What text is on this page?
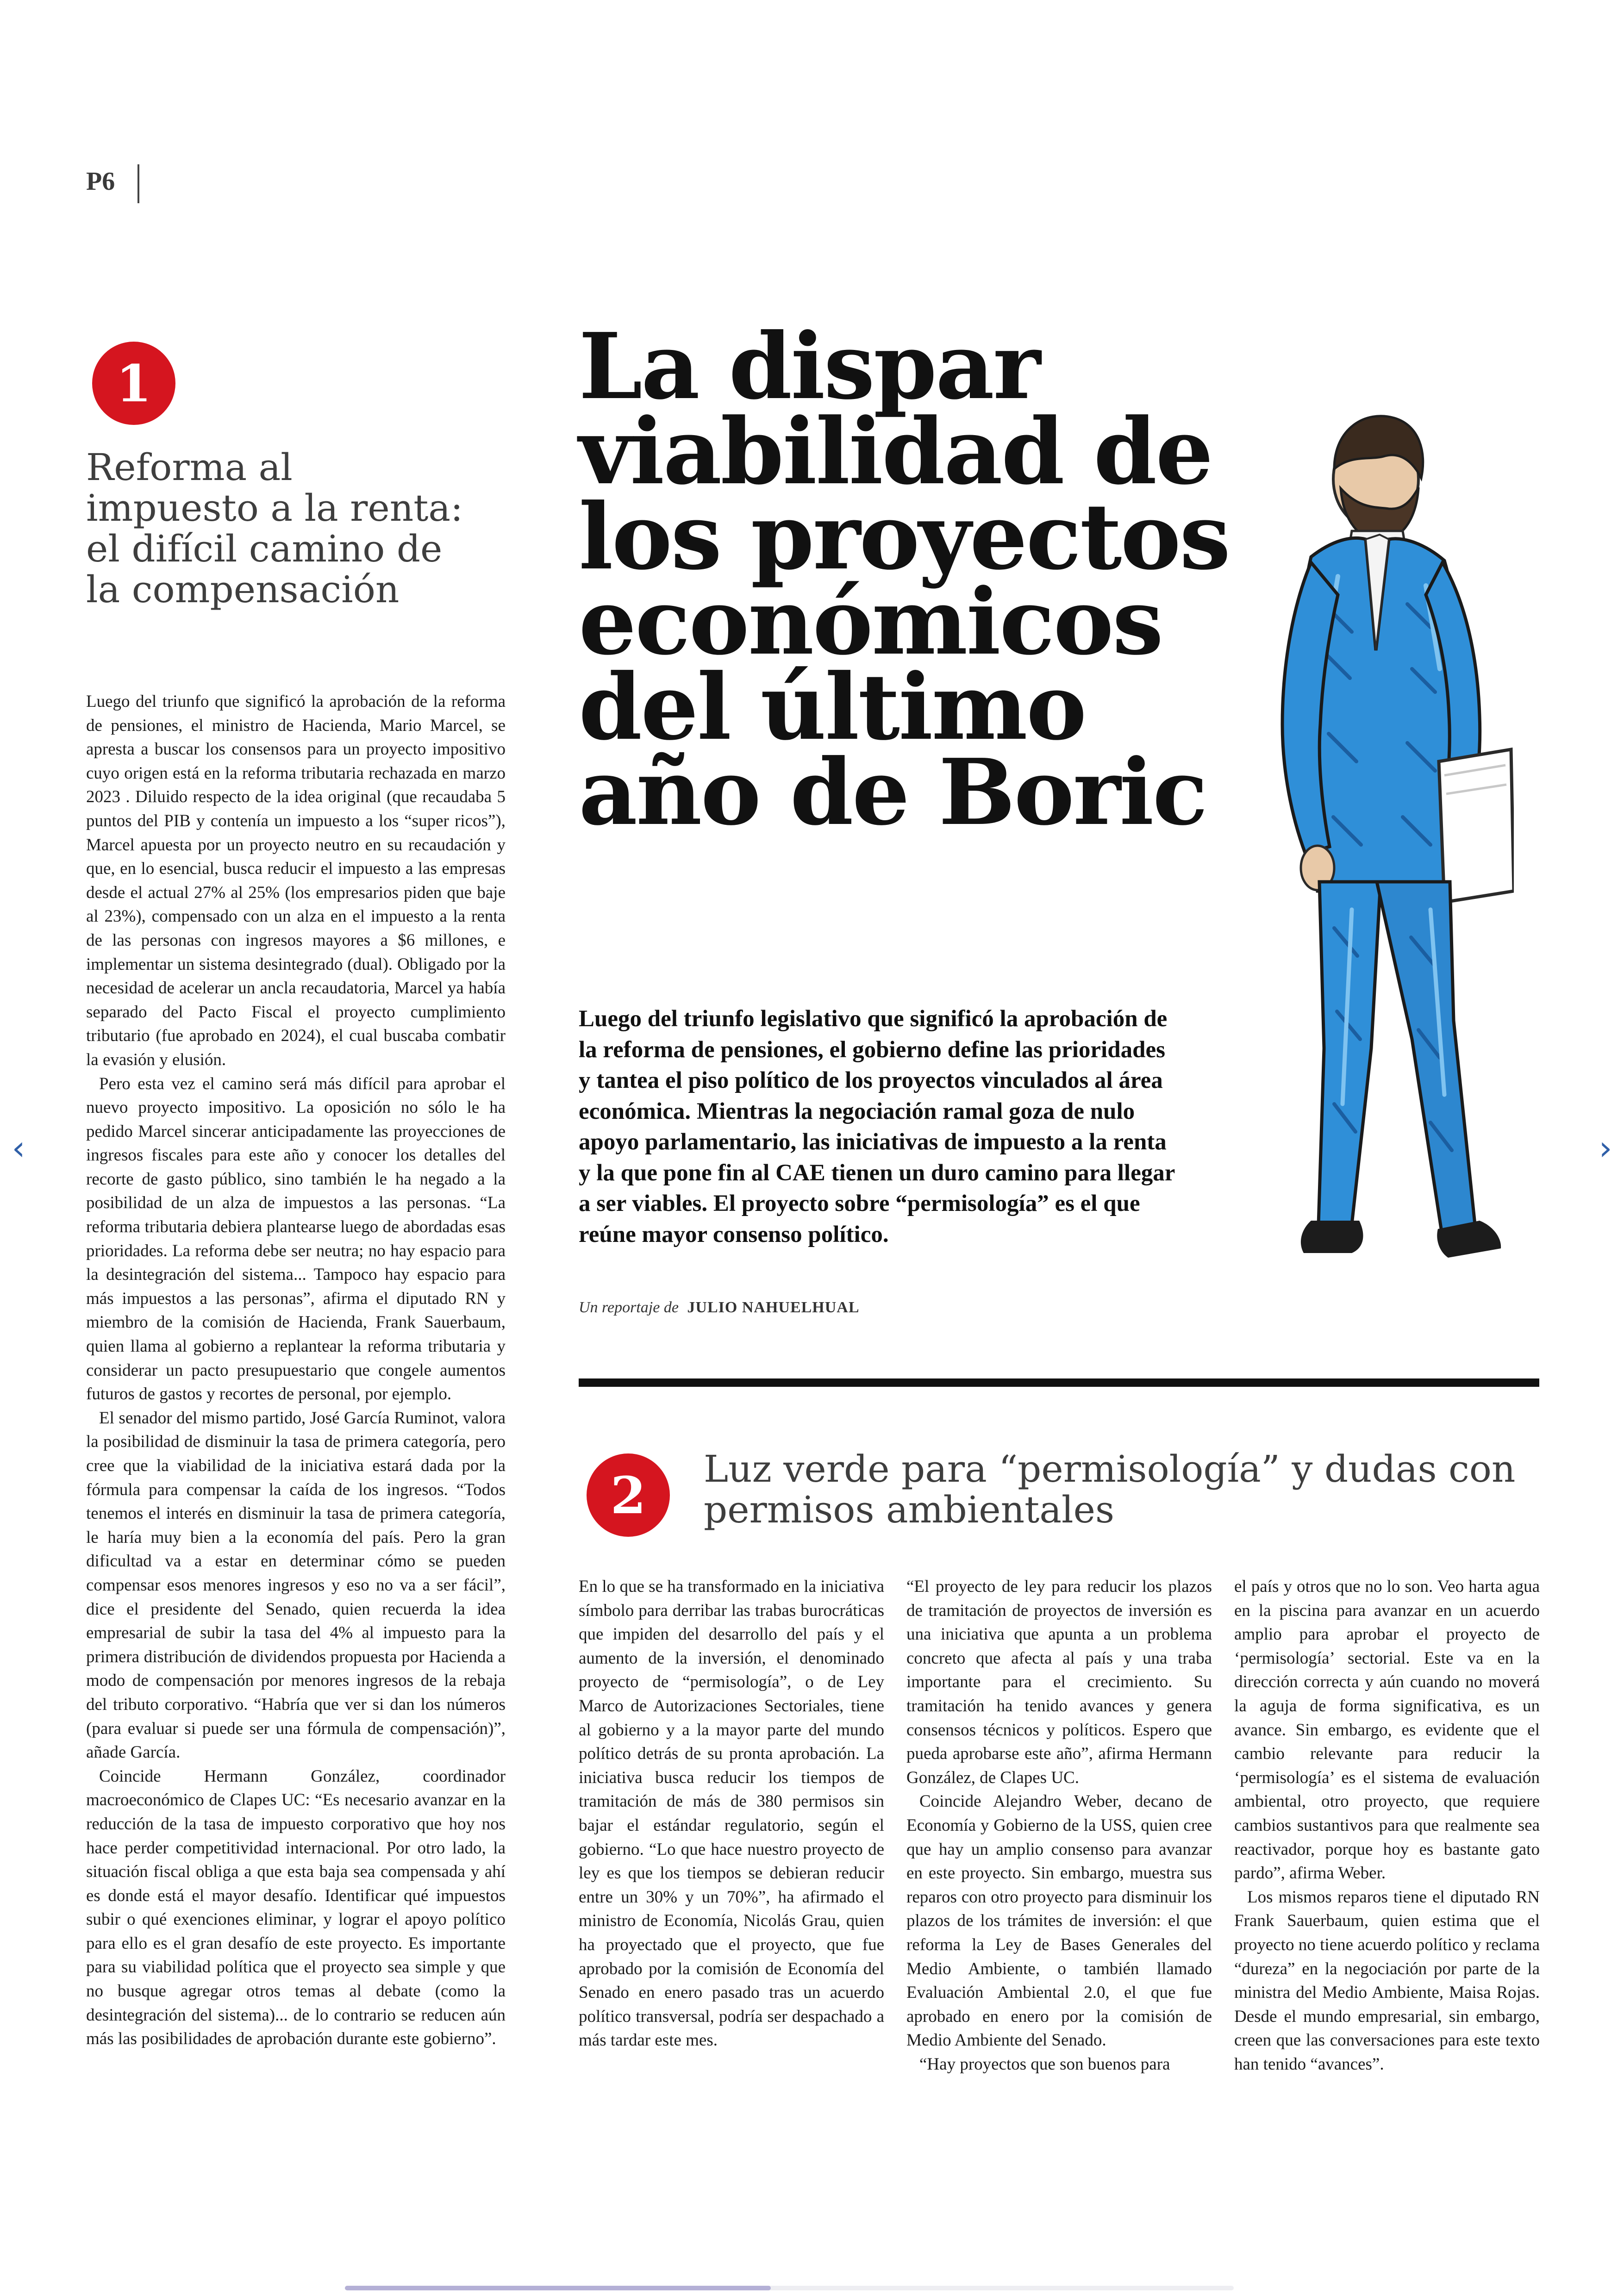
P6
1
Reforma al impuesto a la renta: el difícil camino de la compensación
La dispar
viabilidad de
los proyectos
económicos
del último
año de Boric
Luego del triunfo legislativo que significó la aprobación de la reforma de pensiones, el gobierno define las prioridades y tantea el piso político de los proyectos vinculados al área económica. Mientras la negociación ramal goza de nulo apoyo parlamentario, las iniciativas de impuesto a la renta y la que pone fin al CAE tienen un duro camino para llegar a ser viables. El proyecto sobre “permisología” es el que reúne mayor consenso político.
Un reportaje de JULIO NAHUELHUAL

Luego del triunfo que significó la aprobación de la reforma de pensiones, el ministro de Hacienda, Mario Marcel, se apresta a buscar los consensos para un proyecto impositivo cuyo origen está en la reforma tributaria rechazada en marzo 2023 . Diluido respecto de la idea original (que recaudaba 5 puntos del PIB y contenía un impuesto a los “super ricos”), Marcel apuesta por un proyecto neutro en su recaudación y que, en lo esencial, busca reducir el impuesto a las empresas desde el actual 27% al 25% (los empresarios piden que baje al 23%), compensado con un alza en el impuesto a la renta de las personas con ingresos mayores a $6 millones, e implementar un sistema desintegrado (dual). Obligado por la necesidad de acelerar un ancla recaudatoria, Marcel ya había separado del Pacto Fiscal el proyecto cumplimiento tributario (fue aprobado en 2024), el cual buscaba combatir la evasión y elusión.

Pero esta vez el camino será más difícil para aprobar el nuevo proyecto impositivo. La oposición no sólo le ha pedido Marcel sincerar anticipadamente las proyecciones de ingresos fiscales para este año y conocer los detalles del recorte de gasto público, sino también le ha negado a la posibilidad de un alza de impuestos a las personas. “La reforma tributaria debiera plantearse luego de abordadas esas prioridades. La reforma debe ser neutra; no hay espacio para la desintegración del sistema... Tampoco hay espacio para más impuestos a las personas”, afirma el diputado RN y miembro de la comisión de Hacienda, Frank Sauerbaum, quien llama al gobierno a replantear la reforma tributaria y considerar un pacto presupuestario que congele aumentos futuros de gastos y recortes de personal, por ejemplo.

El senador del mismo partido, José García Ruminot, valora la posibilidad de disminuir la tasa de primera categoría, pero cree que la viabilidad de la iniciativa estará dada por la fórmula para compensar la caída de los ingresos. “Todos tenemos el interés en disminuir la tasa de primera categoría, le haría muy bien a la economía del país. Pero la gran dificultad va a estar en determinar cómo se pueden compensar esos menores ingresos y eso no va a ser fácil”, dice el presidente del Senado, quien recuerda la idea empresarial de subir la tasa del 4% al impuesto para la primera distribución de dividendos propuesta por Hacienda a modo de compensación por menores ingresos de la rebaja del tributo corporativo. “Habría que ver si dan los números (para evaluar si puede ser una fórmula de compensación)”, añade García.

Coincide Hermann González, coordinador macroeconómico de Clapes UC: “Es necesario avanzar en la reducción de la tasa de impuesto corporativo que hoy nos hace perder competitividad internacional. Por otro lado, la situación fiscal obliga a que esta baja sea compensada y ahí es donde está el mayor desafío. Identificar qué impuestos subir o qué exenciones eliminar, y lograr el apoyo político para ello es el gran desafío de este proyecto. Es importante para su viabilidad política que el proyecto sea simple y que no busque agregar otros temas al debate (como la desintegración del sistema)... de lo contrario se reducen aún más las posibilidades de aprobación durante este gobierno”.

2	Luz verde para “permisología” y dudas con permisos ambientales

En lo que se ha transformado en la iniciativa símbolo para derribar las trabas burocráticas que impiden del desarrollo del país y el aumento de la inversión, el denominado proyecto de “permisología”, o de Ley Marco de Autorizaciones Sectoriales, tiene al gobierno y a la mayor parte del mundo político detrás de su pronta aprobación. La iniciativa busca reducir los tiempos de tramitación de más de 380 permisos sin bajar el estándar regulatorio, según el gobierno. “Lo que hace nuestro proyecto de ley es que los tiempos se debieran reducir entre un 30% y un 70%”, ha afirmado el ministro de Economía, Nicolás Grau, quien ha proyectado que el proyecto, que fue aprobado por la comisión de Economía del Senado en enero pasado tras un acuerdo político transversal, podría ser despachado a más tardar este mes.

“El proyecto de ley para reducir los plazos de tramitación de proyectos de inversión es una iniciativa que apunta a un problema concreto que afecta al país y una traba importante para el crecimiento. Su tramitación ha tenido avances y genera consensos técnicos y políticos. Espero que pueda aprobarse este año”, afirma Hermann González, de Clapes UC.

Coincide Alejandro Weber, decano de Economía y Gobierno de la USS, quien cree que hay un amplio consenso para avanzar en este proyecto. Sin embargo, muestra sus reparos con otro proyecto para disminuir los plazos de los trámites de inversión: el que reforma la Ley de Bases Generales del Medio Ambiente, o también llamado Evaluación Ambiental 2.0, el que fue aprobado en enero por la comisión de Medio Ambiente del Senado.

“Hay proyectos que son buenos para

el país y otros que no lo son. Veo harta agua en la piscina para avanzar en un acuerdo amplio para aprobar el proyecto de ‘permisología’ sectorial. Este va en la dirección correcta y aún cuando no moverá la aguja de forma significativa, es un avance. Sin embargo, es evidente que el cambio relevante para reducir la ‘permisología’ es el sistema de evaluación ambiental, otro proyecto, que requiere cambios sustantivos para que realmente sea reactivador, porque hoy es bastante gato pardo”, afirma Weber.

Los mismos reparos tiene el diputado RN Frank Sauerbaum, quien estima que el proyecto no tiene acuerdo político y reclama “dureza” en la negociación por parte de la ministra del Medio Ambiente, Maisa Rojas. Desde el mundo empresarial, sin embargo, creen que las conversaciones para este texto han tenido “avances”.

‹	›
